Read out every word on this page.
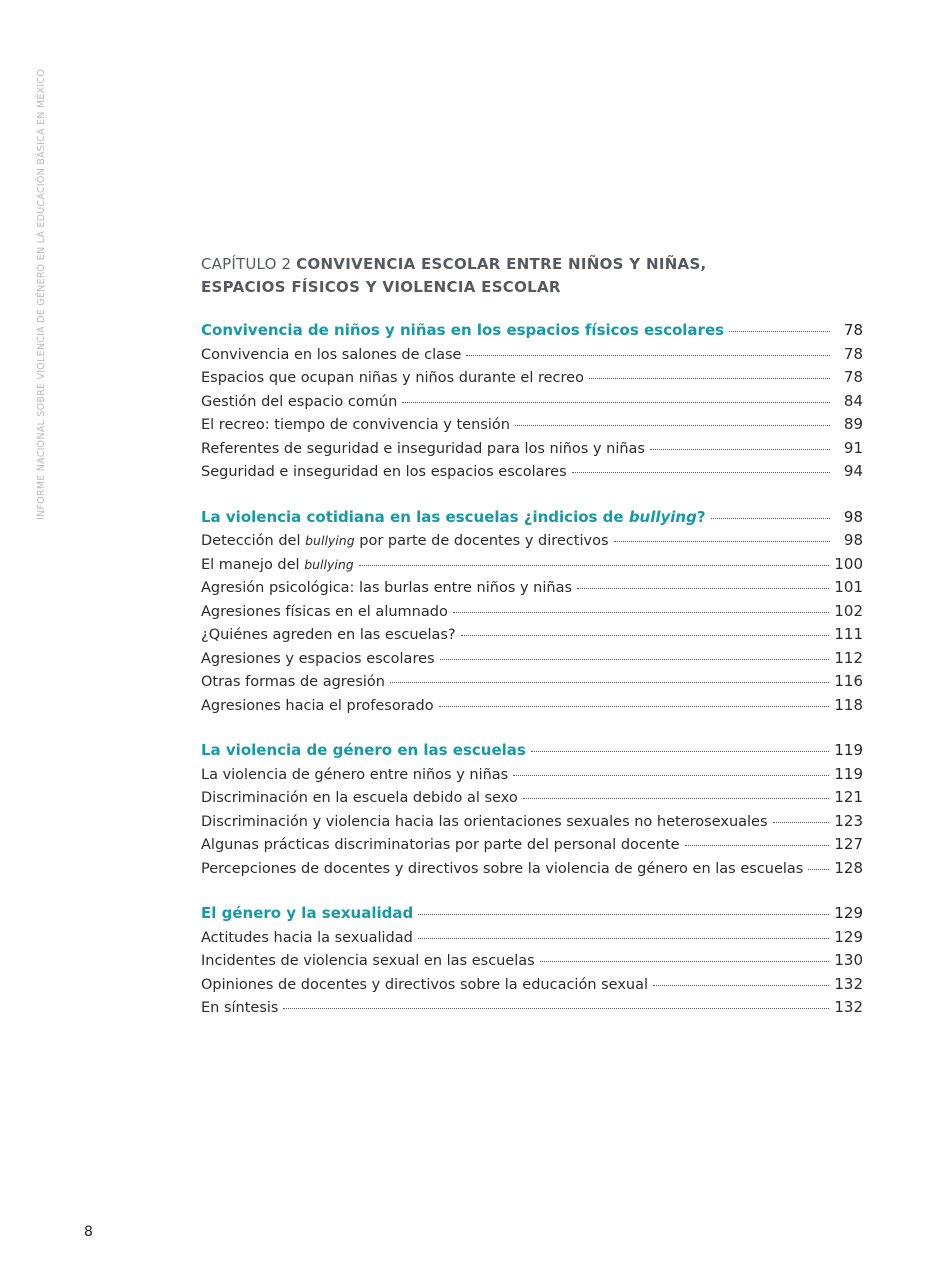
INFORME NACIONAL SOBRE VIOLENCIA DE GÉNERO EN LA EDUCACIÓN BÁSICA EN MÉXICO	CAPÍTULO 2 CONVIVENCIA ESCOLAR ENTRE NIÑOS Y NIÑAS,
ESPACIOS FÍSICOS Y VIOLENCIA ESCOLAR
Convivencia de niños y niñas en los espacios físicos escolares	78
Convivencia en los salones de clase	78
Espacios que ocupan niñas y niños durante el recreo	78
Gestión del espacio común	84
El recreo: tiempo de convivencia y tensión	89
Referentes de seguridad e inseguridad para los niños y niñas	91
Seguridad e inseguridad en los espacios escolares	94
La violencia cotidiana en las escuelas ¿indicios de bullying?	98
Detección del bullying por parte de docentes y directivos	98
El manejo del bullying	100
Agresión psicológica: las burlas entre niños y niñas	101
Agresiones físicas en el alumnado	102
¿Quiénes agreden en las escuelas?	111
Agresiones y espacios escolares	112
Otras formas de agresión	116
Agresiones hacia el profesorado	118
La violencia de género en las escuelas	119
La violencia de género entre niños y niñas	119
Discriminación en la escuela debido al sexo	121
Discriminación y violencia hacia las orientaciones sexuales no heterosexuales	123
Algunas prácticas discriminatorias por parte del personal docente	127
Percepciones de docentes y directivos sobre la violencia de género en las escuelas 128
El género y la sexualidad	129
Actitudes hacia la sexualidad	129
Incidentes de violencia sexual en las escuelas	130
Opiniones de docentes y directivos sobre la educación sexual	132
En síntesis	132
8
